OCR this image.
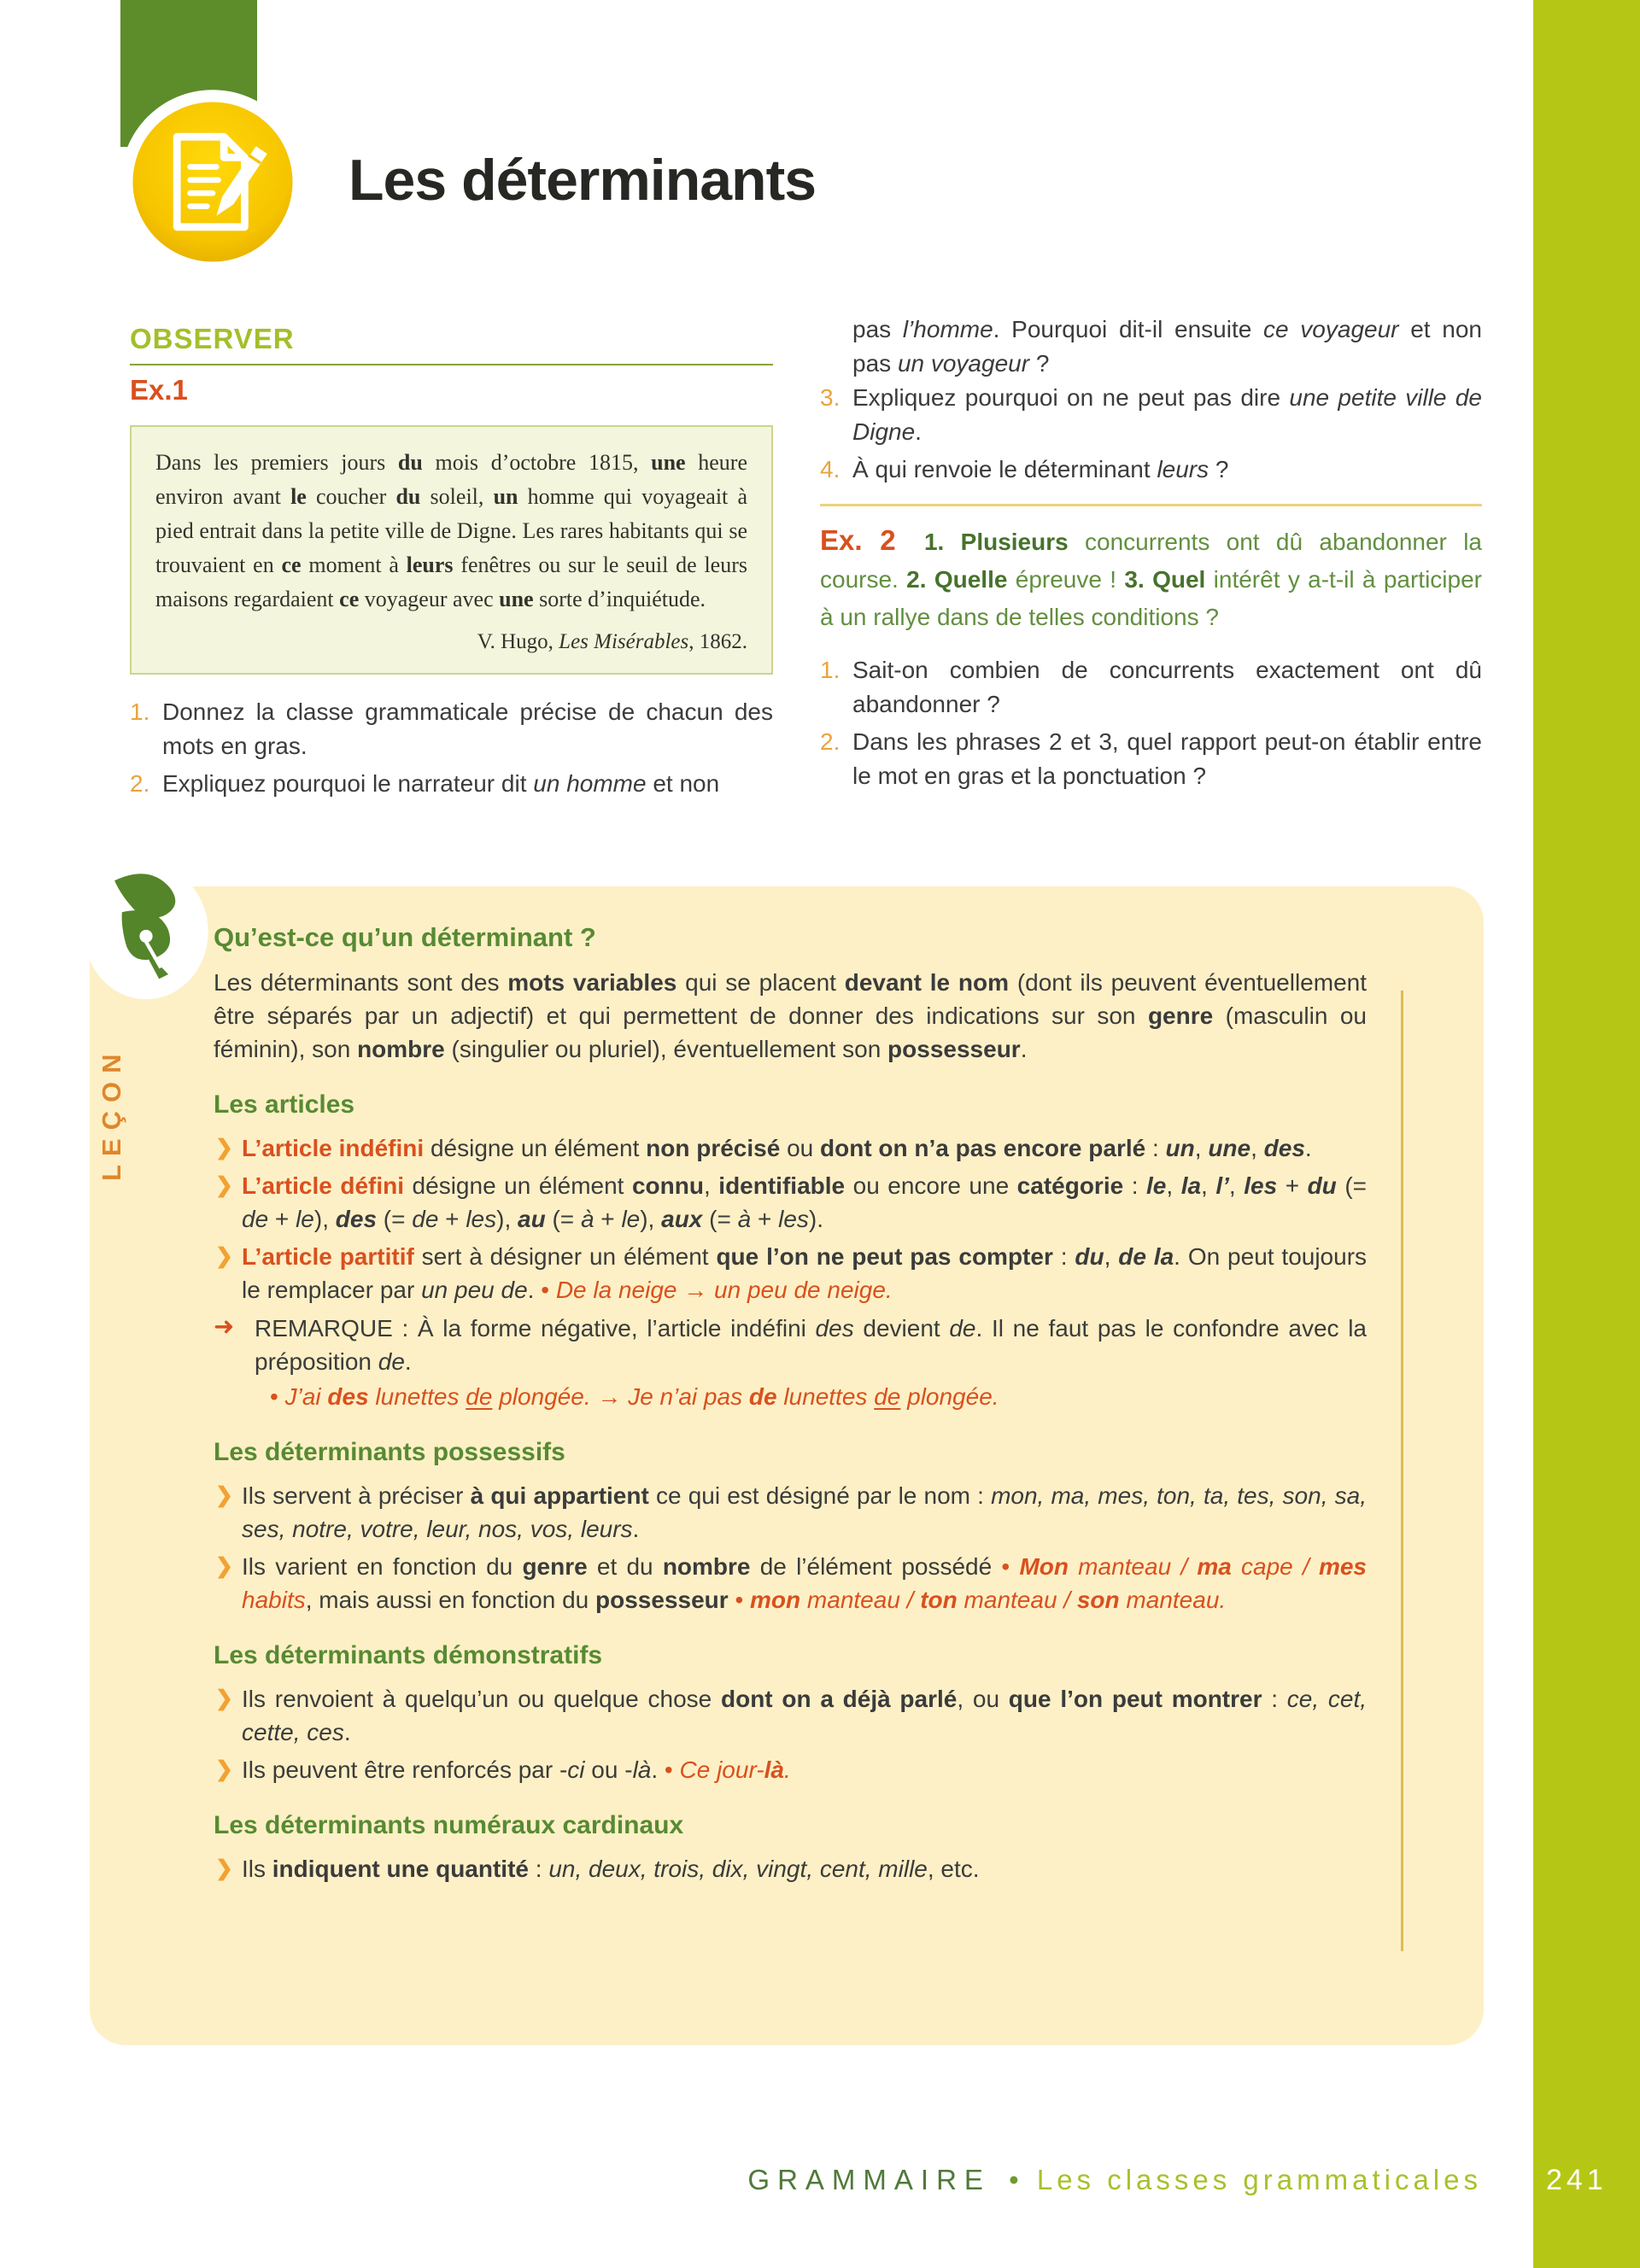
Les déterminants
OBSERVER
Ex.1

Dans les premiers jours du mois d’octobre 1815, une heure environ avant le coucher du soleil, un homme qui voyageait à pied entrait dans la petite ville de Digne. Les rares habitants qui se trouvaient en ce moment à leurs fenêtres ou sur le seuil de leurs maisons regardaient ce voyageur avec une sorte d’inquiétude.

V. Hugo, Les Misérables, 1862.

1. Donnez la classe grammaticale précise de chacun des mots en gras.
2. Expliquez pourquoi le narrateur dit un homme et non

pas l’homme. Pourquoi dit-il ensuite ce voyageur et non pas un voyageur ?

3. Expliquez pourquoi on ne peut pas dire une petite ville de Digne.
4. À qui renvoie le déterminant leurs ?

Ex. 2 1. Plusieurs concurrents ont dû abandonner la course. 2. Quelle épreuve ! 3. Quel intérêt y a-t-il à participer à un rallye dans de telles conditions ?

1. Sait-on combien de concurrents exactement ont dû abandonner ?
2. Dans les phrases 2 et 3, quel rapport peut-on établir entre le mot en gras et la ponctuation ?
LEÇON
Qu’est-ce qu’un déterminant ?

Les déterminants sont des mots variables qui se placent devant le nom (dont ils peuvent éventuellement être séparés par un adjectif) et qui permettent de donner des indications sur son genre (masculin ou féminin), son nombre (singulier ou pluriel), éventuellement son possesseur.

Les articles
❯ L’article indéfini désigne un élément non précisé ou dont on n’a pas encore parlé : un, une, des.
❯ L’article défini désigne un élément connu, identifiable ou encore une catégorie : le, la, l’, les + du (= de + le), des (= de + les), au (= à + le), aux (= à + les).
❯ L’article partitif sert à désigner un élément que l’on ne peut pas compter : du, de la. On peut toujours le remplacer par un peu de. • De la neige → un peu de neige.
➜ REMARQUE : À la forme négative, l’article indéfini des devient de. Il ne faut pas le confondre avec la préposition de.
• J’ai des lunettes de plongée. → Je n’ai pas de lunettes de plongée.
Les déterminants possessifs
❯ Ils servent à préciser à qui appartient ce qui est désigné par le nom : mon, ma, mes, ton, ta, tes, son, sa, ses, notre, votre, leur, nos, vos, leurs.
❯ Ils varient en fonction du genre et du nombre de l’élément possédé • Mon manteau / ma cape / mes habits, mais aussi en fonction du possesseur • mon manteau / ton manteau / son manteau.
Les déterminants démonstratifs
❯ Ils renvoient à quelqu’un ou quelque chose dont on a déjà parlé, ou que l’on peut montrer : ce, cet, cette, ces.
❯ Ils peuvent être renforcés par -ci ou -là. • Ce jour-là.
Les déterminants numéraux cardinaux
❯ Ils indiquent une quantité : un, deux, trois, dix, vingt, cent, mille, etc.
GRAMMAIRE • Les classes grammaticales 241
